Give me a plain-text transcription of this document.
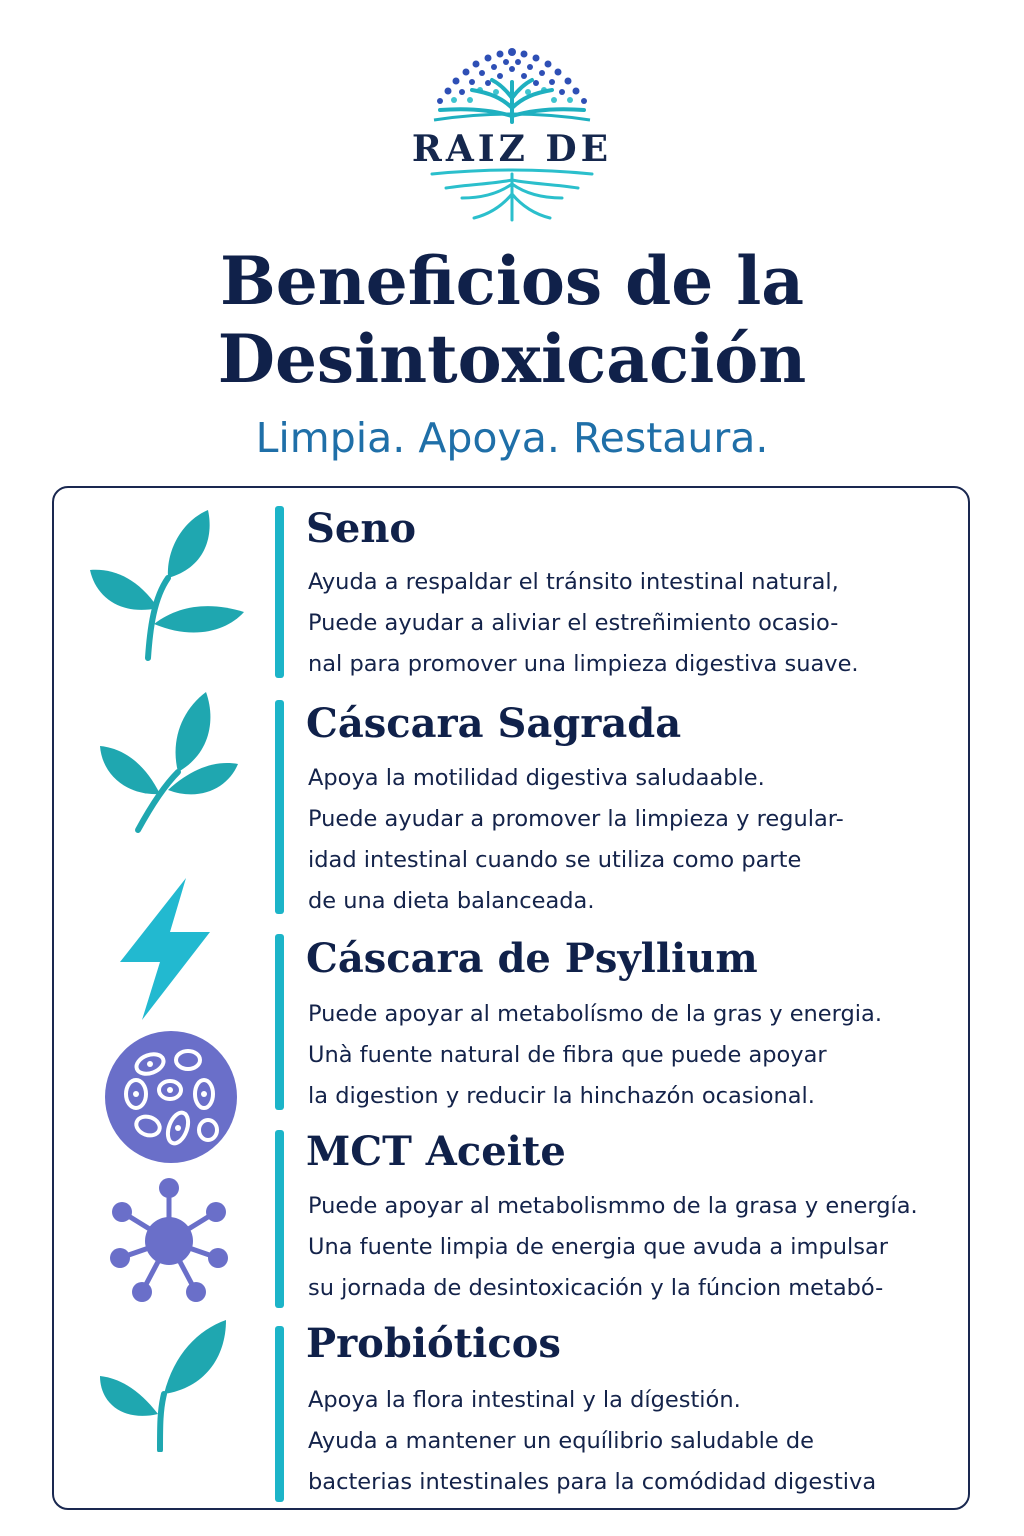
RAIZ DE
Beneficios de la
Desintoxicación

Limpia. Apoya. Restaura.

Seno
Ayuda a respaldar el tránsito intestinal natural,
Puede ayudar a aliviar el estreñimiento ocasio-
nal para promover una limpieza digestiva suave.
Cáscara Sagrada
Apoya la motilidad digestiva saludaable.
Puede ayudar a promover la limpieza y regular-
idad intestinal cuando se utiliza como parte
de una dieta balanceada.
Cáscara de Psyllium
Puede apoyar al metabolísmo de la gras y energia.
Unà fuente natural de fibra que puede apoyar
la digestion y reducir la hinchazón ocasional.
MCT Aceite
Puede apoyar al metabolismmo de la grasa y energía.
Una fuente limpia de energia que avuda a impulsar
su jornada de desintoxicación y la fúncion metabó-
Probióticos
Apoya la flora intestinal y la dígestión.
Ayuda a mantener un equílibrio saludable de
bacterias intestinales para la comódidad digestiva
